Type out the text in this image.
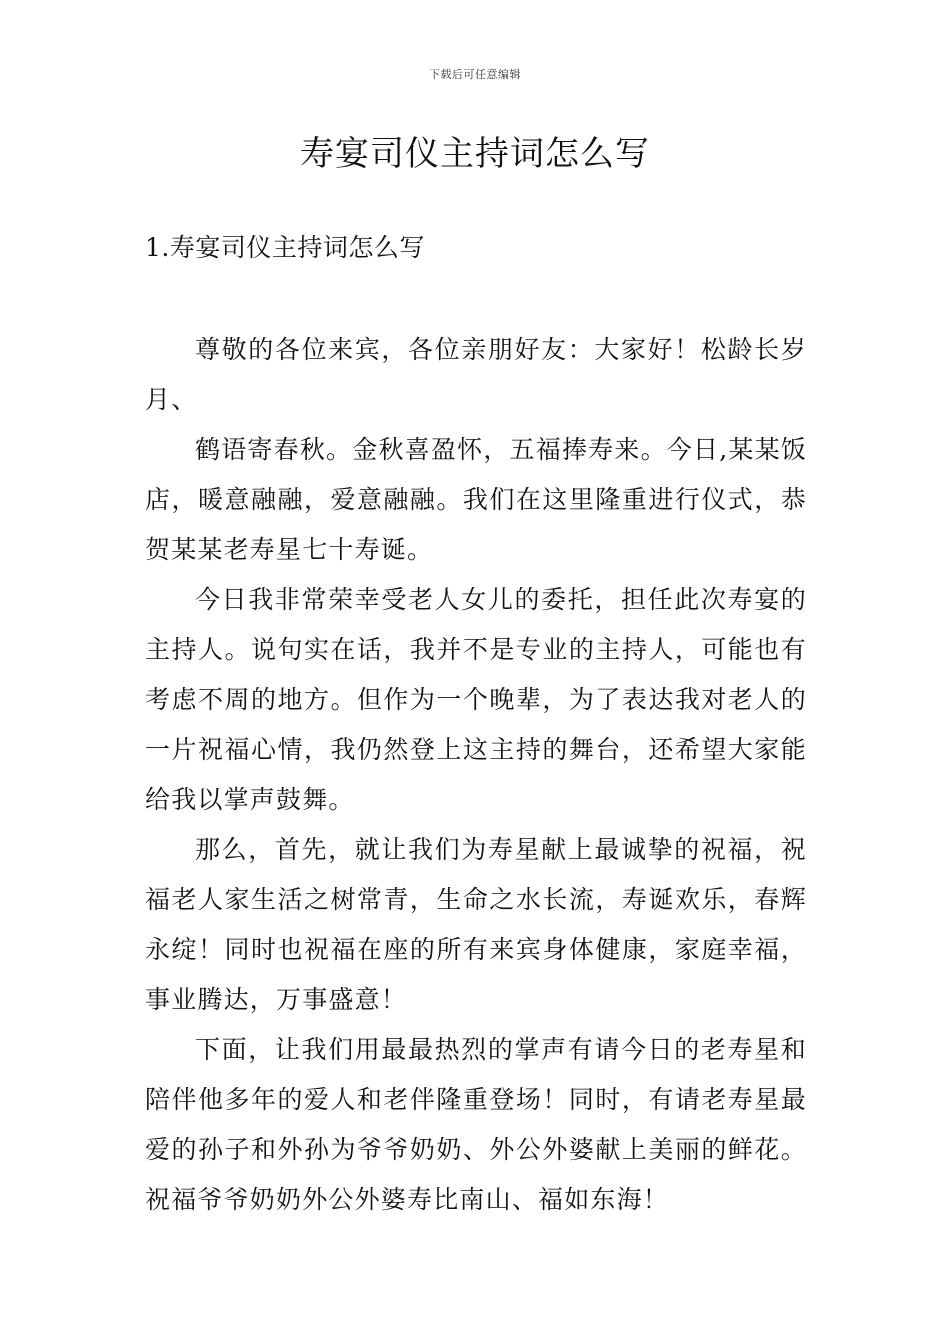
下载后可任意编辑
寿宴司仪主持词怎么写
1.寿宴司仪主持词怎么写

尊敬的各位来宾，各位亲朋好友：大家好！松龄长岁月、

鹤语寄春秋。金秋喜盈怀，五福捧寿来。今日,某某饭店，暖意融融，爱意融融。我们在这里隆重进行仪式，恭贺某某老寿星七十寿诞。

今日我非常荣幸受老人女儿的委托，担任此次寿宴的主持人。说句实在话，我并不是专业的主持人，可能也有考虑不周的地方。但作为一个晚辈，为了表达我对老人的一片祝福心情，我仍然登上这主持的舞台，还希望大家能给我以掌声鼓舞。

那么，首先，就让我们为寿星献上最诚挚的祝福，祝福老人家生活之树常青，生命之水长流，寿诞欢乐，春辉永绽！同时也祝福在座的所有来宾身体健康，家庭幸福，事业腾达，万事盛意！

下面，让我们用最最热烈的掌声有请今日的老寿星和陪伴他多年的爱人和老伴隆重登场！同时，有请老寿星最爱的孙子和外孙为爷爷奶奶、外公外婆献上美丽的鲜花。祝福爷爷奶奶外公外婆寿比南山、福如东海！
